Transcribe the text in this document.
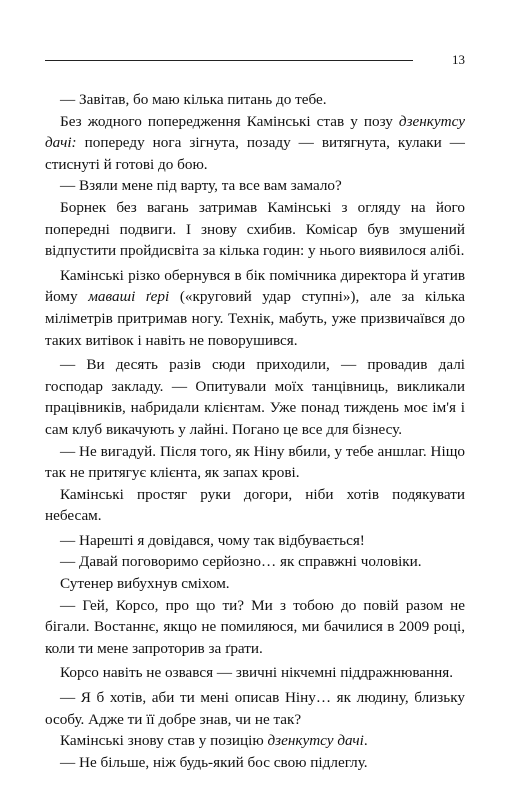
13

— Завітав, бо маю кілька питань до тебе.

Без жодного попередження Камінські став у позу дзенкутсу дачі: попереду нога зігнута, позаду — витягнута, кулаки — стиснуті й готові до бою.

— Взяли мене під варту, та все вам замало?

Борнек без вагань затримав Камінські з огляду на його попередні подвиги. І знову схибив. Комісар був змушений відпустити пройдисвіта за кілька годин: у нього виявилося алібі.

Камінські різко обернувся в бік помічника директора й угатив йому маваші ґері («круговий удар ступні»), але за кілька міліметрів притримав ногу. Технік, мабуть, уже призвичаївся до таких витівок і навіть не поворушився.

— Ви десять разів сюди приходили, — провадив далі господар закладу. — Опитували моїх танцівниць, викликали працівників, набридали клієнтам. Уже понад тиждень моє ім'я і сам клуб викачують у лайні. Погано це все для бізнесу.

— Не вигадуй. Після того, як Ніну вбили, у тебе аншлаг. Ніщо так не притягує клієнта, як запах крові.

Камінські простяг руки догори, ніби хотів подякувати небесам.

— Нарешті я довідався, чому так відбувається!

— Давай поговоримо серйозно… як справжні чоловіки.

Сутенер вибухнув сміхом.

— Гей, Корсо, про що ти? Ми з тобою до повій разом не бігали. Востаннє, якщо не помиляюся, ми бачилися в 2009 році, коли ти мене запроторив за ґрати.

Корсо навіть не озвався — звичні нікчемні піддражнювання.

— Я б хотів, аби ти мені описав Ніну… як людину, близьку особу. Адже ти її добре знав, чи не так?

Камінські знову став у позицію дзенкутсу дачі.

— Не більше, ніж будь-який бос свою підлеглу.
